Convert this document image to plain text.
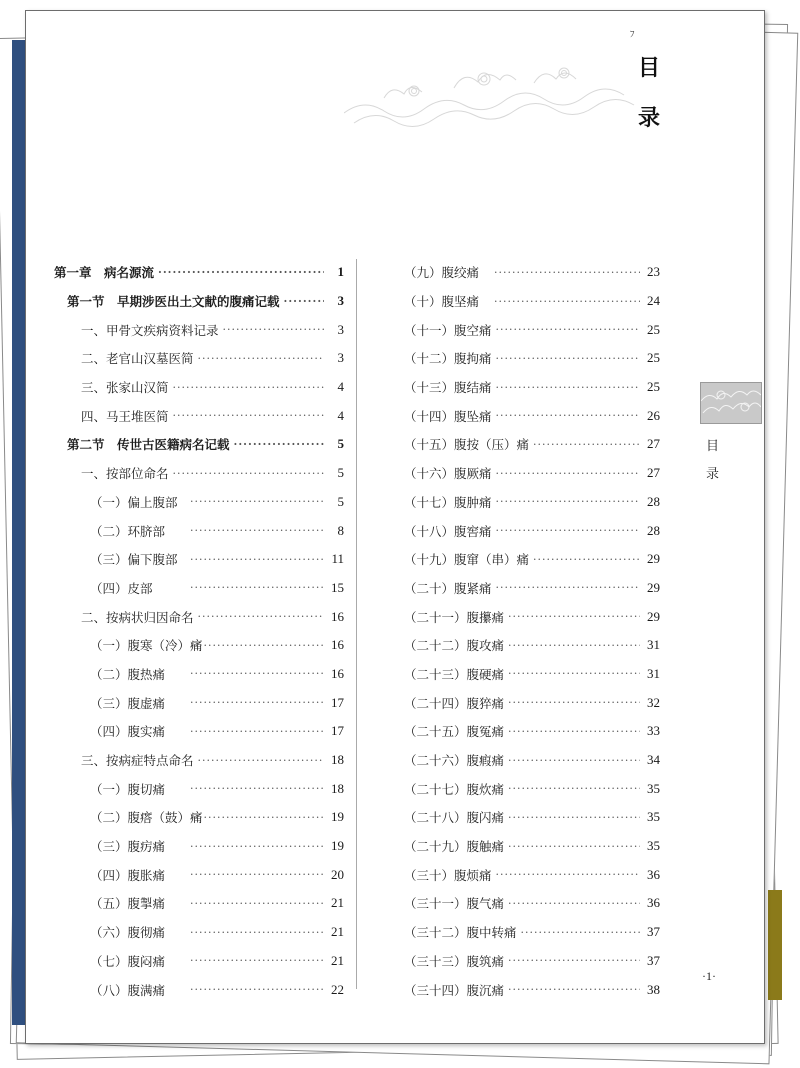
ﾌ
目
录
第一章　病名源流 ·····	1
第一节　早期涉医出土文献的腹痛记载 ·····	3
一、甲骨文疾病资料记录 ·····	3
二、老官山汉墓医简 ·····	3
三、张家山汉简 ·····	4
四、马王堆医简 ·····	4
第二节　传世古医籍病名记载 ·····	5
一、按部位命名 ·····	5
（一）偏上腹部 ·····	5
（二）环脐部 ·····	8
（三）偏下腹部 ·····	11
（四）皮部 ·····	15
二、按病状归因命名 ·····	16
（一）腹寒（冷）痛 ·····	16
（二）腹热痛 ·····	16
（三）腹虚痛 ·····	17
（四）腹实痛 ·····	17
三、按病症特点命名 ·····	18
（一）腹切痛 ·····	18
（二）腹瘩（鼓）痛 ·····	19
（三）腹疠痛 ·····	19
（四）腹胀痛 ·····	20
（五）腹掣痛 ·····	21
（六）腹彻痛 ·····	21
（七）腹闷痛 ·····	21
（八）腹满痛 ·····	22
（九）腹绞痛 ·····	23
（十）腹坚痛 ·····	24
（十一）腹空痛 ·····	25
（十二）腹拘痛 ·····	25
（十三）腹结痛 ·····	25
（十四）腹坠痛 ·····	26
（十五）腹按（压）痛 ·····	27
（十六）腹厥痛 ·····	27
（十七）腹肿痛 ·····	28
（十八）腹窖痛 ·····	28
（十九）腹窜（串）痛 ·····	29
（二十）腹紧痛 ·····	29
（二十一）腹攥痛 ·····	29
（二十二）腹攻痛 ·····	31
（二十三）腹硬痛 ·····	31
（二十四）腹猝痛 ·····	32
（二十五）腹冤痛 ·····	33
（二十六）腹瘕痛 ·····	34
（二十七）腹炊痛 ·····	35
（二十八）腹闪痛 ·····	35
（二十九）腹触痛 ·····	35
（三十）腹烦痛 ·····	36
（三十一）腹气痛 ·····	36
（三十二）腹中转痛 ·····	37
（三十三）腹筑痛 ·····	37
（三十四）腹沉痛 ·····	38
目
录
·1·
